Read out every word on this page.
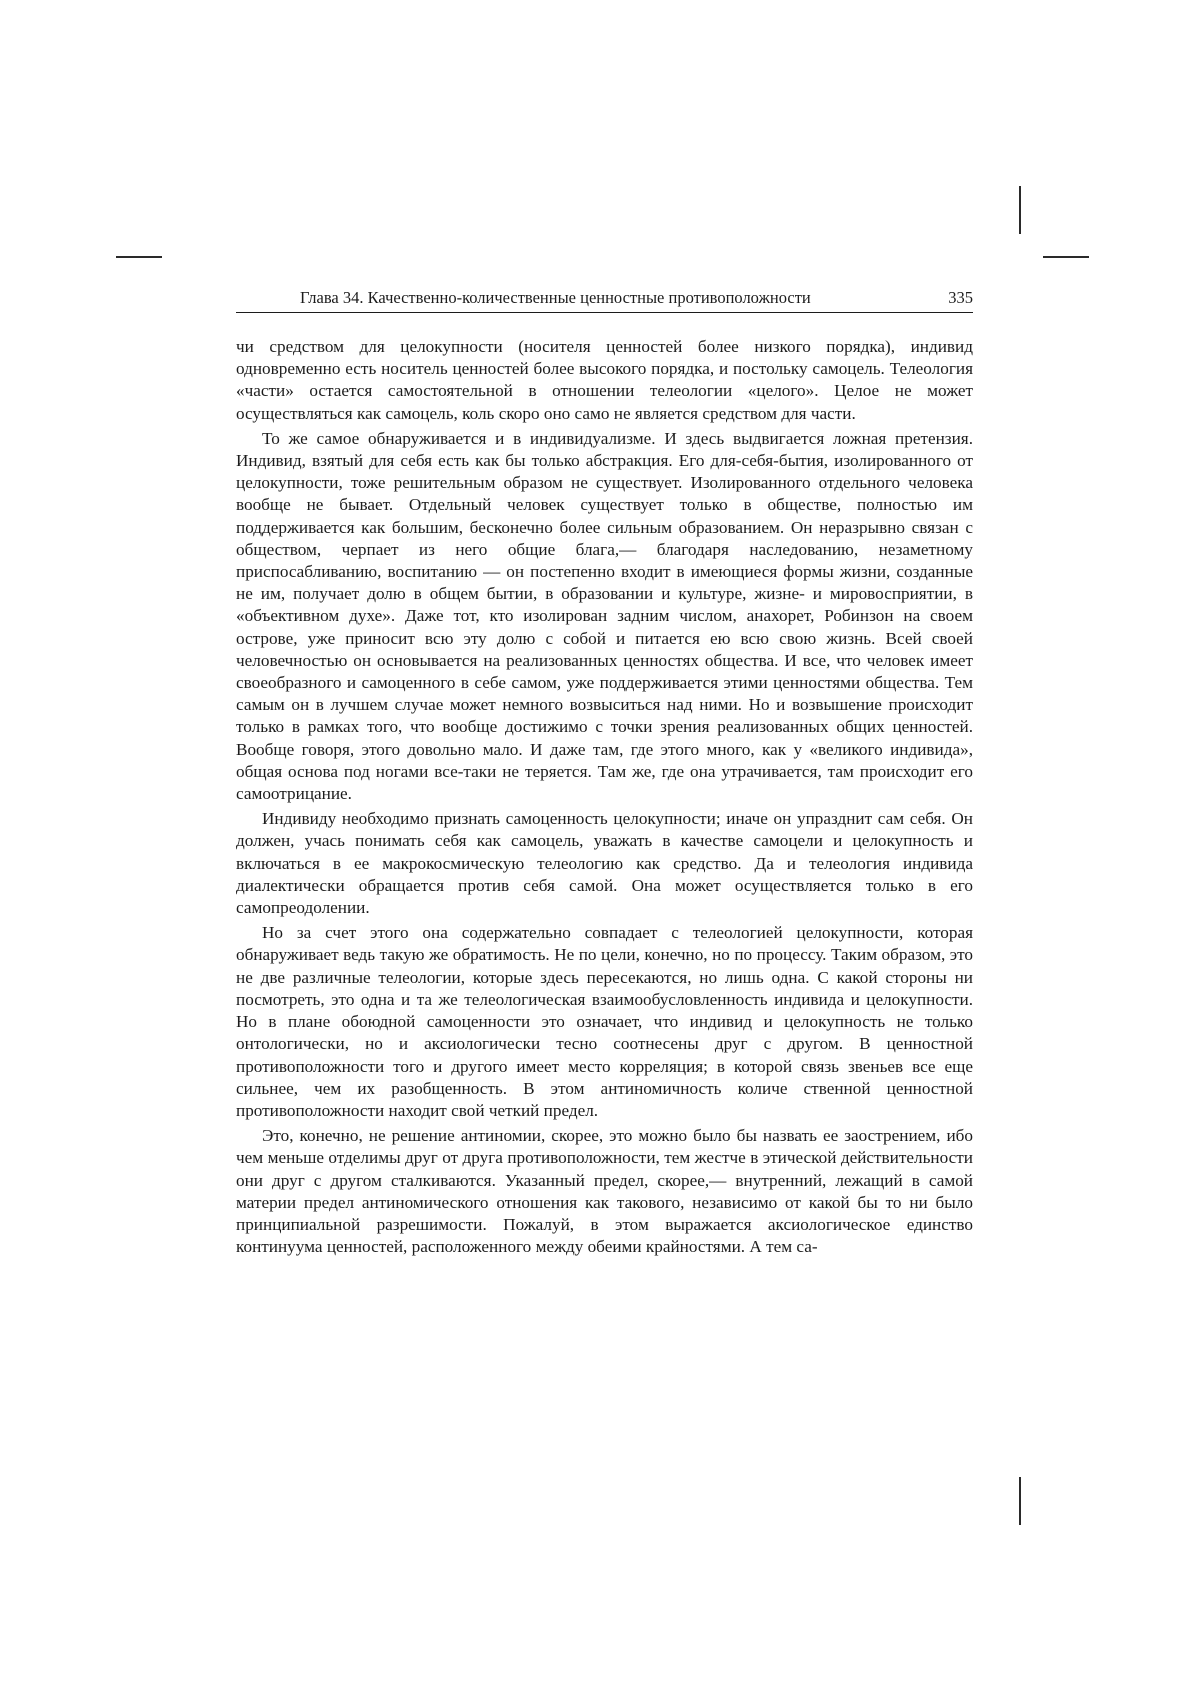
Глава 34. Качественно-количественные ценностные противоположности	335

чи средством для целокупности (носителя ценностей более низкого порядка), индивид одновременно есть носитель ценностей более высокого порядка, и постольку самоцель. Телеология «части» остается самостоятельной в отношении телеологии «целого». Целое не может осуществляться как самоцель, коль скоро оно само не является средством для части.

То же самое обнаруживается и в индивидуализме. И здесь выдвигается ложная претензия. Индивид, взятый для себя есть как бы только абстракция. Его для-себя-бытия, изолированного от целокупности, тоже решительным образом не существует. Изолированного отдельного человека вообще не бывает. Отдельный человек существует только в обществе, полностью им поддерживается как большим, бесконечно более сильным образованием. Он неразрывно связан с обществом, черпает из него общие блага,— благодаря наследованию, незаметному приспосабливанию, воспитанию — он постепенно входит в имеющиеся формы жизни, созданные не им, получает долю в общем бытии, в образовании и культуре, жизне- и мировосприятии, в «объективном духе». Даже тот, кто изолирован задним числом, анахорет, Робинзон на своем острове, уже приносит всю эту долю с собой и питается ею всю свою жизнь. Всей своей человечностью он основывается на реализованных ценностях общества. И все, что человек имеет своеобразного и самоценного в себе самом, уже поддерживается этими ценностями общества. Тем самым он в лучшем случае может немного возвыситься над ними. Но и возвышение происходит только в рамках того, что вообще достижимо с точки зрения реализованных общих ценностей. Вообще говоря, этого довольно мало. И даже там, где этого много, как у «великого индивида», общая основа под ногами все-таки не теряется. Там же, где она утрачивается, там происходит его самоотрицание.

Индивиду необходимо признать самоценность целокупности; иначе он упразднит сам себя. Он должен, учась понимать себя как самоцель, уважать в качестве самоцели и целокупность и включаться в ее макрокосмическую телеологию как средство. Да и телеология индивида диалектически обращается против себя самой. Она может осуществляется только в его самопреодолении.

Но за счет этого она содержательно совпадает с телеологией целокупности, которая обнаруживает ведь такую же обратимость. Не по цели, конечно, но по процессу. Таким образом, это не две различные телеологии, которые здесь пересекаются, но лишь одна. С какой стороны ни посмотреть, это одна и та же телеологическая взаимообусловленность индивида и целокупности. Но в плане обоюдной самоценности это означает, что индивид и целокупность не только онтологически, но и аксиологически тесно соотнесены друг с другом. В ценностной противоположности того и другого имеет место корреляция; в которой связь звеньев все еще сильнее, чем их разобщенность. В этом антиномичность количе ственной ценностной противоположности находит свой четкий предел.

Это, конечно, не решение антиномии, скорее, это можно было бы назвать ее заострением, ибо чем меньше отделимы друг от друга противоположности, тем жестче в этической действительности они друг с другом сталкиваются. Указанный предел, скорее,— внутренний, лежащий в самой материи предел антиномического отношения как такового, независимо от какой бы то ни было принципиальной разрешимости. Пожалуй, в этом выражается аксиологическое единство континуума ценностей, расположенного между обеими крайностями. А тем са-
